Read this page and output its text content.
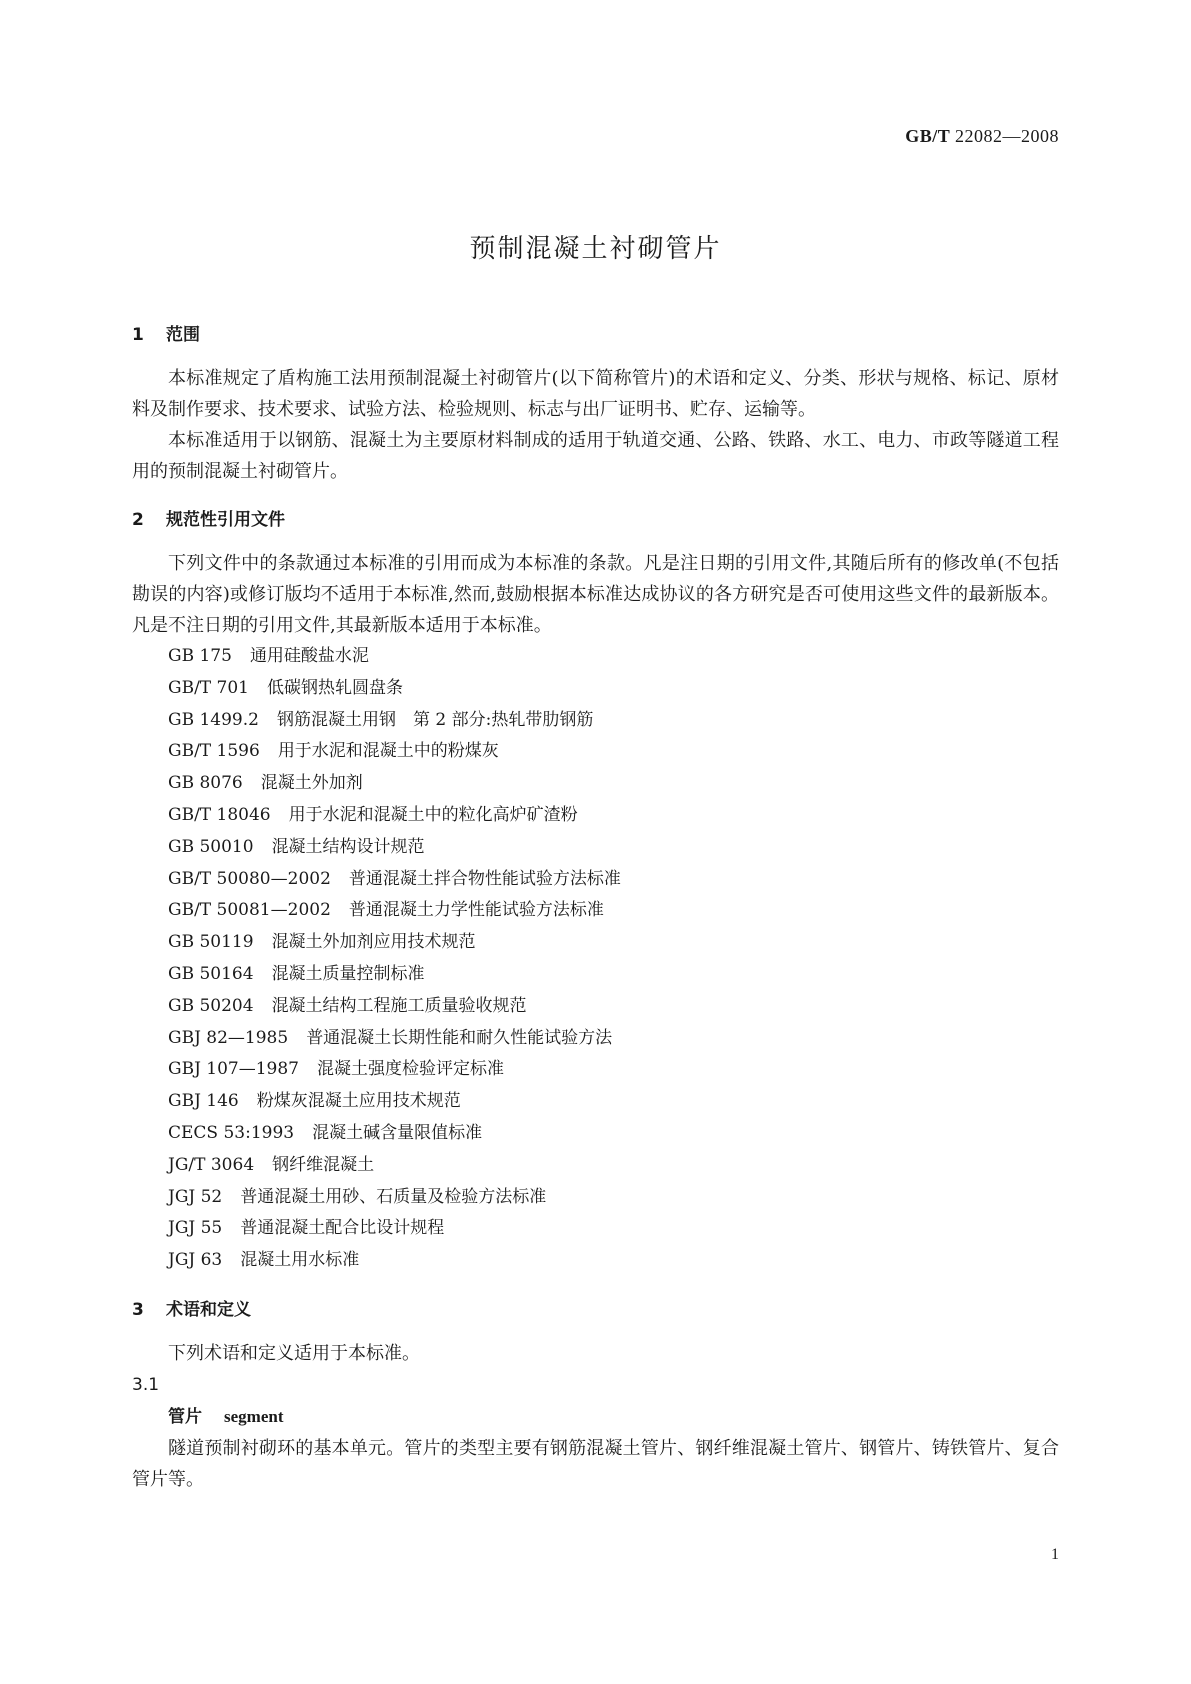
GB/T 22082—2008
预制混凝土衬砌管片
1 范围

本标准规定了盾构施工法用预制混凝土衬砌管片(以下简称管片)的术语和定义、分类、形状与规格、标记、原材料及制作要求、技术要求、试验方法、检验规则、标志与出厂证明书、贮存、运输等。

本标准适用于以钢筋、混凝土为主要原材料制成的适用于轨道交通、公路、铁路、水工、电力、市政等隧道工程用的预制混凝土衬砌管片。

2 规范性引用文件

下列文件中的条款通过本标准的引用而成为本标准的条款。凡是注日期的引用文件,其随后所有的修改单(不包括勘误的内容)或修订版均不适用于本标准,然而,鼓励根据本标准达成协议的各方研究是否可使用这些文件的最新版本。凡是不注日期的引用文件,其最新版本适用于本标准。

GB 175 通用硅酸盐水泥
GB/T 701 低碳钢热轧圆盘条
GB 1499.2 钢筋混凝土用钢　第 2 部分:热轧带肋钢筋
GB/T 1596 用于水泥和混凝土中的粉煤灰
GB 8076 混凝土外加剂
GB/T 18046 用于水泥和混凝土中的粒化高炉矿渣粉
GB 50010 混凝土结构设计规范
GB/T 50080—2002 普通混凝土拌合物性能试验方法标准
GB/T 50081—2002 普通混凝土力学性能试验方法标准
GB 50119 混凝土外加剂应用技术规范
GB 50164 混凝土质量控制标准
GB 50204 混凝土结构工程施工质量验收规范
GBJ 82—1985 普通混凝土长期性能和耐久性能试验方法
GBJ 107—1987 混凝土强度检验评定标准
GBJ 146 粉煤灰混凝土应用技术规范
CECS 53:1993 混凝土碱含量限值标准
JG/T 3064 钢纤维混凝土
JGJ 52 普通混凝土用砂、石质量及检验方法标准
JGJ 55 普通混凝土配合比设计规程
JGJ 63 混凝土用水标准
3 术语和定义

下列术语和定义适用于本标准。

3.1

管片 segment

隧道预制衬砌环的基本单元。管片的类型主要有钢筋混凝土管片、钢纤维混凝土管片、钢管片、铸铁管片、复合管片等。

1
